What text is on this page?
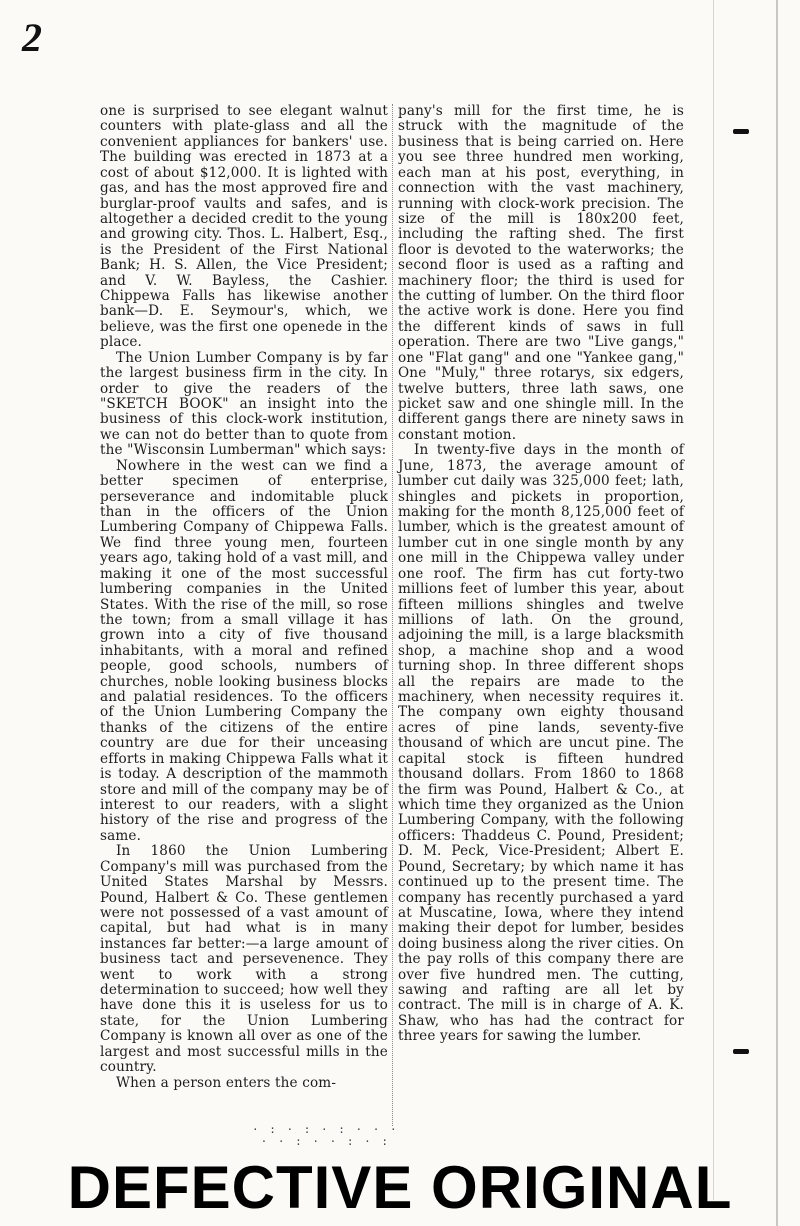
2

one is surprised to see elegant walnut counters with plate-glass and all the convenient appliances for bankers' use. The building was erected in 1873 at a cost of about $12,000. It is lighted with gas, and has the most approved fire and burglar-proof vaults and safes, and is altogether a decided credit to the young and growing city. Thos. L. Halbert, Esq., is the President of the First National Bank; H. S. Allen, the Vice President; and V. W. Bayless, the Cashier. Chippewa Falls has likewise another bank—D. E. Seymour's, which, we believe, was the first one openede in the place.

The Union Lumber Company is by far the largest business firm in the city. In order to give the readers of the "SKETCH BOOK" an insight into the business of this clock-work institution, we can not do better than to quote from the "Wisconsin Lumberman" which says:

Nowhere in the west can we find a better specimen of enterprise, perseverance and indomitable pluck than in the officers of the Union Lumbering Company of Chippewa Falls. We find three young men, fourteen years ago, taking hold of a vast mill, and making it one of the most successful lumbering companies in the United States. With the rise of the mill, so rose the town; from a small village it has grown into a city of five thousand inhabitants, with a moral and refined people, good schools, numbers of churches, noble looking business blocks and palatial residences. To the officers of the Union Lumbering Company the thanks of the citizens of the entire country are due for their unceasing efforts in making Chippewa Falls what it is today. A description of the mammoth store and mill of the company may be of interest to our readers, with a slight history of the rise and progress of the same.

In 1860 the Union Lumbering Company's mill was purchased from the United States Marshal by Messrs. Pound, Halbert & Co. These gentlemen were not possessed of a vast amount of capital, but had what is in many instances far better:—a large amount of business tact and persevenence. They went to work with a strong determination to succeed; how well they have done this it is useless for us to state, for the Union Lumbering Company is known all over as one of the largest and most successful mills in the country.

When a person enters the com-

pany's mill for the first time, he is struck with the magnitude of the business that is being carried on. Here you see three hundred men working, each man at his post, everything, in connection with the vast machinery, running with clock-work precision. The size of the mill is 180x200 feet, including the rafting shed. The first floor is devoted to the waterworks; the second floor is used as a rafting and machinery floor; the third is used for the cutting of lumber. On the third floor the active work is done. Here you find the different kinds of saws in full operation. There are two "Live gangs," one "Flat gang" and one "Yankee gang," One "Muly," three rotarys, six edgers, twelve butters, three lath saws, one picket saw and one shingle mill. In the different gangs there are ninety saws in constant motion.

In twenty-five days in the month of June, 1873, the average amount of lumber cut daily was 325,000 feet; lath, shingles and pickets in proportion, making for the month 8,125,000 feet of lumber, which is the greatest amount of lumber cut in one single month by any one mill in the Chippewa valley under one roof. The firm has cut forty-two millions feet of lumber this year, about fifteen millions shingles and twelve millions of lath. On the ground, adjoining the mill, is a large blacksmith shop, a machine shop and a wood turning shop. In three different shops all the repairs are made to the machinery, when necessity requires it. The company own eighty thousand acres of pine lands, seventy-five thousand of which are uncut pine. The capital stock is fifteen hundred thousand dollars. From 1860 to 1868 the firm was Pound, Halbert & Co., at which time they organized as the Union Lumbering Company, with the following officers: Thaddeus C. Pound, President; D. M. Peck, Vice-President; Albert E. Pound, Secretary; by which name it has continued up to the present time. The company has recently purchased a yard at Muscatine, Iowa, where they intend making their depot for lumber, besides doing business along the river cities. On the pay rolls of this company there are over five hundred men. The cutting, sawing and rafting are all let by contract. The mill is in charge of A. K. Shaw, who has had the contract for three years for sawing the lumber.

· : · : · : · · ·
· · : · · : · :
DEFECTIVE ORIGINAL
